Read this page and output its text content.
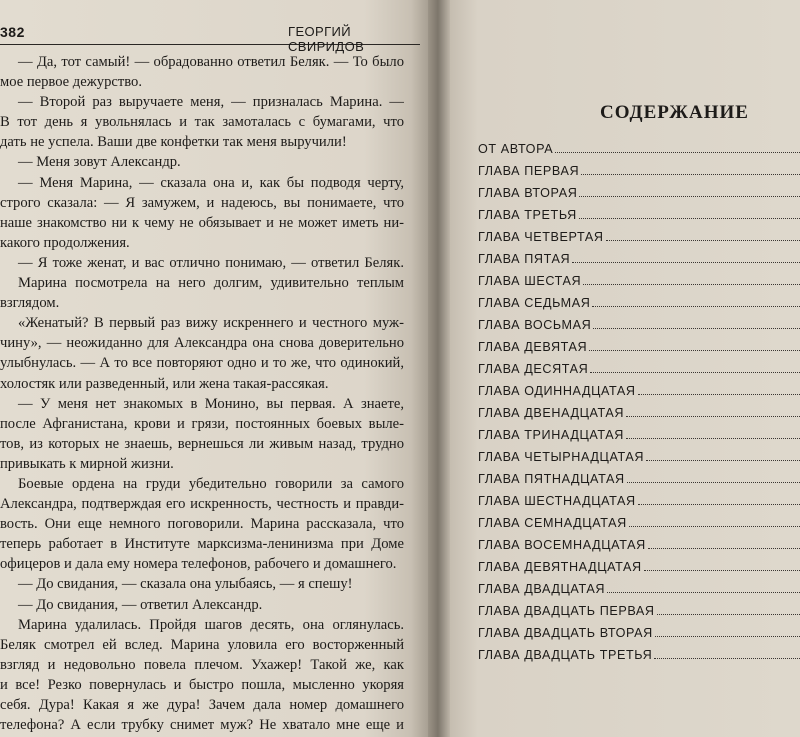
382	ГЕОРГИЙ СВИРИДОВ
— Да, тот самый! — обрадованно ответил Беляк. — То было
мое первое дежурство.
— Второй раз выручаете меня, — призналась Марина. —
В тот день я увольнялась и так замоталась с бумагами, что
дать не успела. Ваши две конфетки так меня выручили!
— Меня зовут Александр.
— Меня Марина, — сказала она и, как бы подводя черту,
строго сказала: — Я замужем, и надеюсь, вы понимаете, что
наше знакомство ни к чему не обязывает и не может иметь ни-
какого продолжения.
— Я тоже женат, и вас отлично понимаю, — ответил Беляк.
Марина посмотрела на него долгим, удивительно теплым
взглядом.
«Женатый? В первый раз вижу искреннего и честного муж-
чину», — неожиданно для Александра она снова доверительно
улыбнулась. — А то все повторяют одно и то же, что одинокий,
холостяк или разведенный, или жена такая-рассякая.
— У меня нет знакомых в Монино, вы первая. А знаете,
после Афганистана, крови и грязи, постоянных боевых выле-
тов, из которых не знаешь, вернешься ли живым назад, трудно
привыкать к мирной жизни.
Боевые ордена на груди убедительно говорили за самого
Александра, подтверждая его искренность, честность и правди-
вость. Они еще немного поговорили. Марина рассказала, что
теперь работает в Институте марксизма-ленинизма при Доме
офицеров и дала ему номера телефонов, рабочего и домашнего.
— До свидания, — сказала она улыбаясь, — я спешу!
— До свидания, — ответил Александр.
Марина удалилась. Пройдя шагов десять, она оглянулась.
Беляк смотрел ей вслед. Марина уловила его восторженный
взгляд и недовольно повела плечом. Ухажер! Такой же, как
и все! Резко повернулась и быстро пошла, мысленно укоряя
себя. Дура! Какая я же дура! Зачем дала номер домашнего
телефона? А если трубку снимет муж? Не хватало мне еще и
СОДЕРЖАНИЕ
ОТ АВТОРА
ГЛАВА ПЕРВАЯ
ГЛАВА ВТОРАЯ
ГЛАВА ТРЕТЬЯ
ГЛАВА ЧЕТВЕРТАЯ
ГЛАВА ПЯТАЯ
ГЛАВА ШЕСТАЯ
ГЛАВА СЕДЬМАЯ
ГЛАВА ВОСЬМАЯ
ГЛАВА ДЕВЯТАЯ
ГЛАВА ДЕСЯТАЯ
ГЛАВА ОДИННАДЦАТАЯ
ГЛАВА ДВЕНАДЦАТАЯ
ГЛАВА ТРИНАДЦАТАЯ
ГЛАВА ЧЕТЫРНАДЦАТАЯ
ГЛАВА ПЯТНАДЦАТАЯ
ГЛАВА ШЕСТНАДЦАТАЯ
ГЛАВА СЕМНАДЦАТАЯ
ГЛАВА ВОСЕМНАДЦАТАЯ
ГЛАВА ДЕВЯТНАДЦАТАЯ
ГЛАВА ДВАДЦАТАЯ
ГЛАВА ДВАДЦАТЬ ПЕРВАЯ
ГЛАВА ДВАДЦАТЬ ВТОРАЯ
ГЛАВА ДВАДЦАТЬ ТРЕТЬЯ
